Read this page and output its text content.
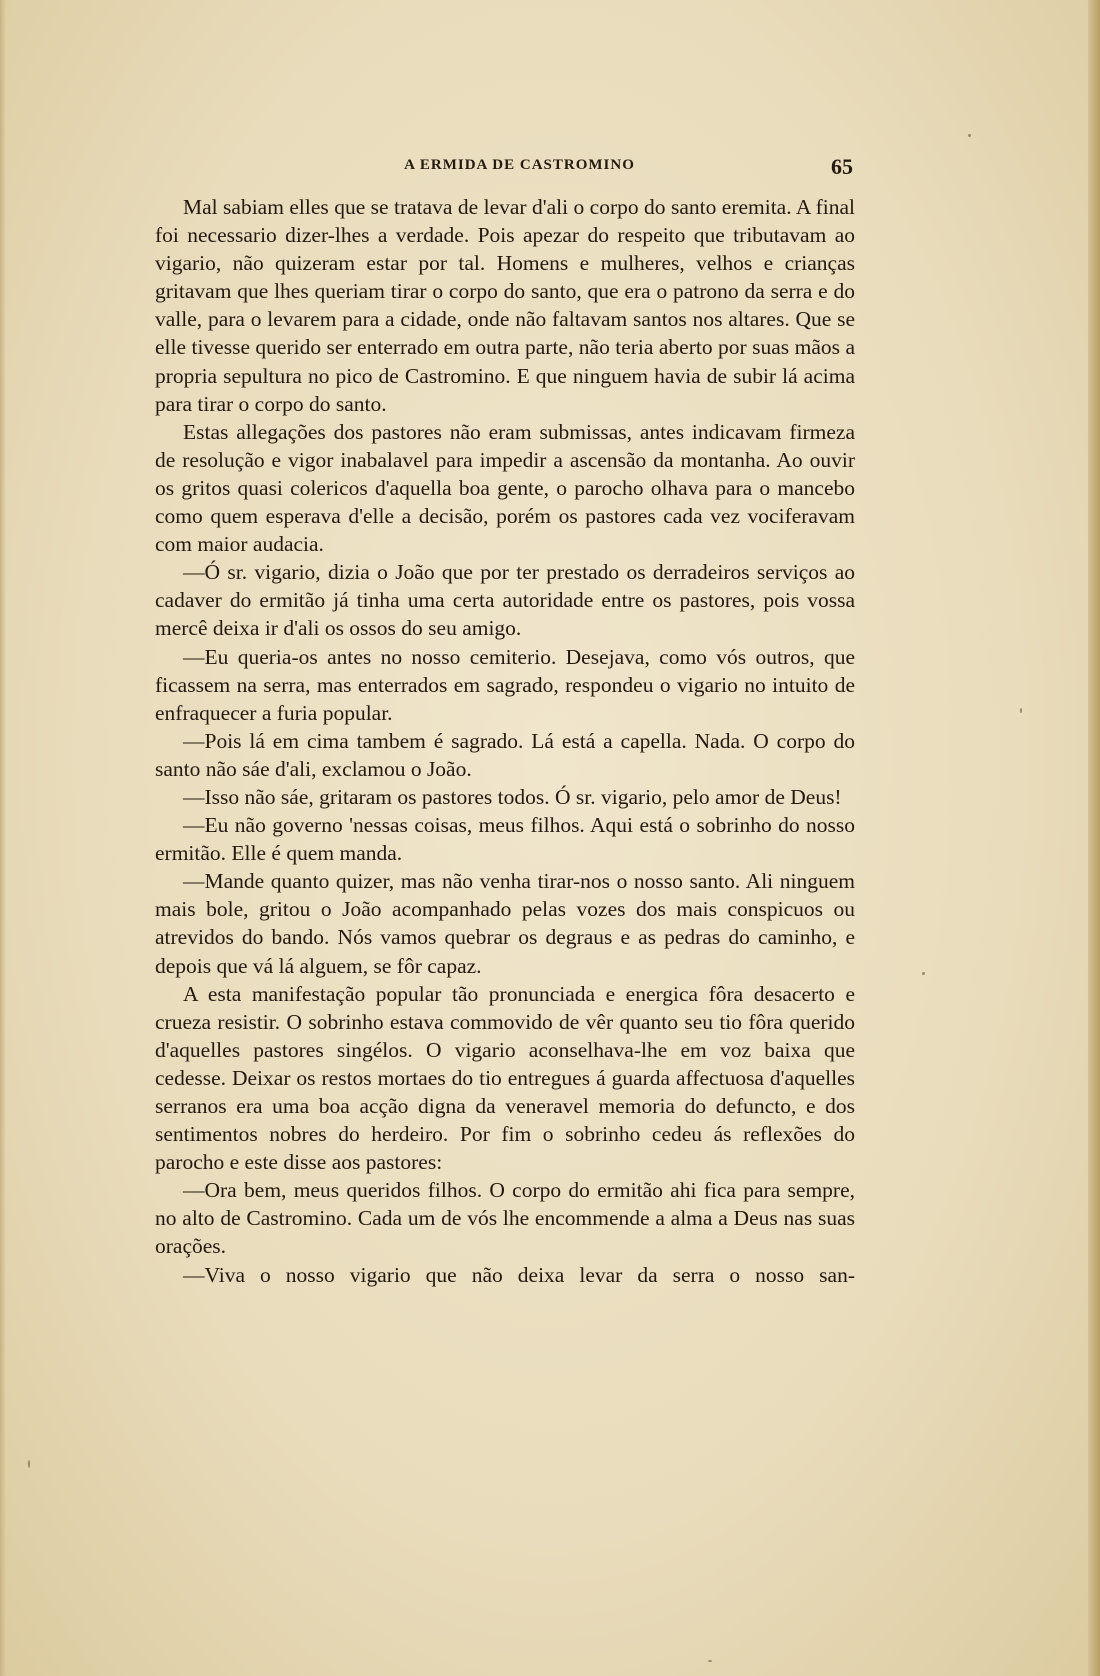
A ERMIDA DE CASTROMINO	65

Mal sabiam elles que se tratava de levar d'ali o corpo do santo eremita. A final foi necessario dizer-lhes a verdade. Pois apezar do respeito que tributavam ao vigario, não quizeram estar por tal. Homens e mulheres, velhos e crianças gritavam que lhes queriam tirar o corpo do santo, que era o patrono da serra e do valle, para o levarem para a cidade, onde não faltavam santos nos altares. Que se elle tivesse querido ser enterrado em outra parte, não teria aberto por suas mãos a propria sepultura no pico de Castromino. E que ninguem havia de subir lá acima para tirar o corpo do santo.

Estas allegações dos pastores não eram submissas, antes indicavam firmeza de resolução e vigor inabalavel para impedir a ascensão da montanha. Ao ouvir os gritos quasi colericos d'aquella boa gente, o parocho olhava para o mancebo como quem esperava d'elle a decisão, porém os pastores cada vez vociferavam com maior audacia.

—Ó sr. vigario, dizia o João que por ter prestado os derradeiros serviços ao cadaver do ermitão já tinha uma certa autoridade entre os pastores, pois vossa mercê deixa ir d'ali os ossos do seu amigo.

—Eu queria-os antes no nosso cemiterio. Desejava, como vós outros, que ficassem na serra, mas enterrados em sagrado, respondeu o vigario no intuito de enfraquecer a furia popular.

—Pois lá em cima tambem é sagrado. Lá está a capella. Nada. O corpo do santo não sáe d'ali, exclamou o João.

—Isso não sáe, gritaram os pastores todos. Ó sr. vigario, pelo amor de Deus!

—Eu não governo 'nessas coisas, meus filhos. Aqui está o sobrinho do nosso ermitão. Elle é quem manda.

—Mande quanto quizer, mas não venha tirar-nos o nosso santo. Ali ninguem mais bole, gritou o João acompanhado pelas vozes dos mais conspicuos ou atrevidos do bando. Nós vamos quebrar os degraus e as pedras do caminho, e depois que vá lá alguem, se fôr capaz.

A esta manifestação popular tão pronunciada e energica fôra desacerto e crueza resistir. O sobrinho estava commovido de vêr quanto seu tio fôra querido d'aquelles pastores singélos. O vigario aconselhava-lhe em voz baixa que cedesse. Deixar os restos mortaes do tio entregues á guarda affectuosa d'aquelles serranos era uma boa acção digna da veneravel memoria do defuncto, e dos sentimentos nobres do herdeiro. Por fim o sobrinho cedeu ás reflexões do parocho e este disse aos pastores:

—Ora bem, meus queridos filhos. O corpo do ermitão ahi fica para sempre, no alto de Castromino. Cada um de vós lhe encommende a alma a Deus nas suas orações.

—Viva o nosso vigario que não deixa levar da serra o nosso san-
